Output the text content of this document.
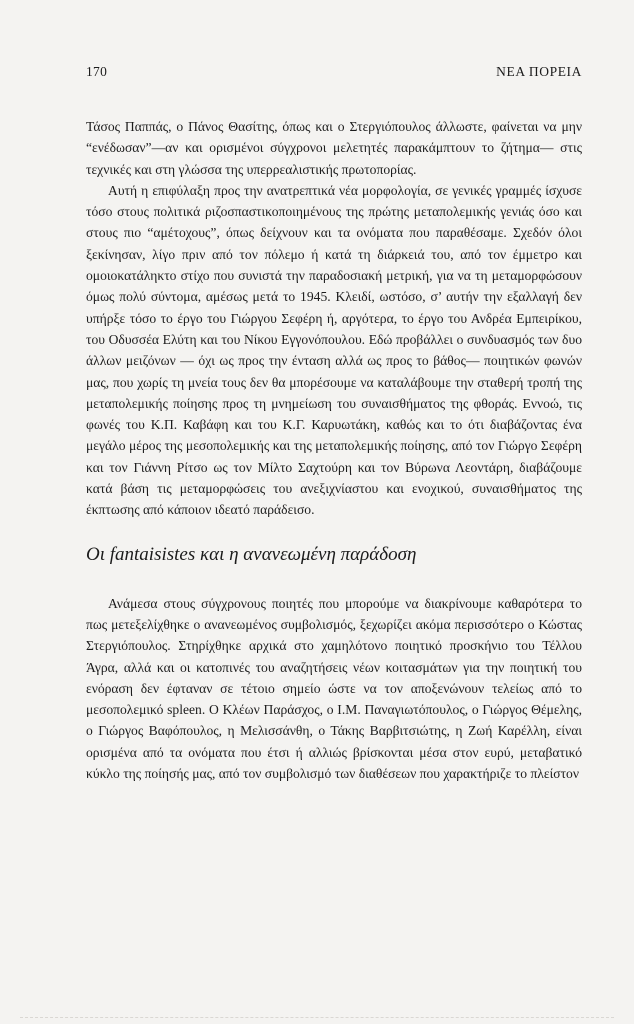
170	ΝΕΑ ΠΟΡΕΙΑ

Τάσος Παππάς, ο Πάνος Θασίτης, όπως και ο Στεργιόπουλος άλλωστε, φαίνεται να μην “ενέδωσαν”—αν και ορισμένοι σύγχρονοι μελετητές παρακάμπτουν το ζήτημα— στις τεχνικές και στη γλώσσα της υπερρεαλιστικής πρωτοπορίας.

Αυτή η επιφύλαξη προς την ανατρεπτικά νέα μορφολογία, σε γενικές γραμμές ίσχυσε τόσο στους πολιτικά ριζοσπαστικοποιημένους της πρώτης μεταπολεμικής γενιάς όσο και στους πιο “αμέτοχους”, όπως δείχνουν και τα ονόματα που παραθέσαμε. Σχεδόν όλοι ξεκίνησαν, λίγο πριν από τον πόλεμο ή κατά τη διάρκειά του, από τον έμμετρο και ομοιοκατάληκτο στίχο που συνιστά την παραδοσιακή μετρική, για να τη μεταμορφώσουν όμως πολύ σύντομα, αμέσως μετά το 1945. Κλειδί, ωστόσο, σ’ αυτήν την εξαλλαγή δεν υπήρξε τόσο το έργο του Γιώργου Σεφέρη ή, αργότερα, το έργο του Ανδρέα Εμπειρίκου, του Οδυσσέα Ελύτη και του Νίκου Εγγονόπουλου. Εδώ προβάλλει ο συνδυασμός των δυο άλλων μειζόνων — όχι ως προς την ένταση αλλά ως προς το βάθος— ποιητικών φωνών μας, που χωρίς τη μνεία τους δεν θα μπορέσουμε να καταλάβουμε την σταθερή τροπή της μεταπολεμικής ποίησης προς τη μνημείωση του συναισθήματος της φθοράς. Εννοώ, τις φωνές του Κ.Π. Καβάφη και του Κ.Γ. Καρυωτάκη, καθώς και το ότι διαβάζοντας ένα μεγάλο μέρος της μεσοπολεμικής και της μεταπολεμικής ποίησης, από τον Γιώργο Σεφέρη και τον Γιάννη Ρίτσο ως τον Μίλτο Σαχτούρη και τον Βύρωνα Λεοντάρη, διαβάζουμε κατά βάση τις μεταμορφώσεις του ανεξιχνίαστου και ενοχικού, συναισθήματος της έκπτωσης από κάποιον ιδεατό παράδεισο.

Οι fantaisistes και η ανανεωμένη παράδοση

Ανάμεσα στους σύγχρονους ποιητές που μπορούμε να διακρίνουμε καθαρότερα το πως μετεξελίχθηκε ο ανανεωμένος συμβολισμός, ξεχωρίζει ακόμα περισσότερο ο Κώστας Στεργιόπουλος. Στηρίχθηκε αρχικά στο χαμηλότονο ποιητικό προσκήνιο του Τέλλου Άγρα, αλλά και οι κατοπινές του αναζητήσεις νέων κοιτασμάτων για την ποιητική του ενόραση δεν έφταναν σε τέτοιο σημείο ώστε να τον αποξενώνουν τελείως από το μεσοπολεμικό spleen. Ο Κλέων Παράσχος, ο Ι.Μ. Παναγιωτόπουλος, ο Γιώργος Θέμελης, ο Γιώργος Βαφόπουλος, η Μελισσάνθη, ο Τάκης Βαρβιτσιώτης, η Ζωή Καρέλλη, είναι ορισμένα από τα ονόματα που έτσι ή αλλιώς βρίσκονται μέσα στον ευρύ, μεταβατικό κύκλο της ποίησής μας, από τον συμβολισμό των διαθέσεων που χαρακτήριζε το πλείστον
